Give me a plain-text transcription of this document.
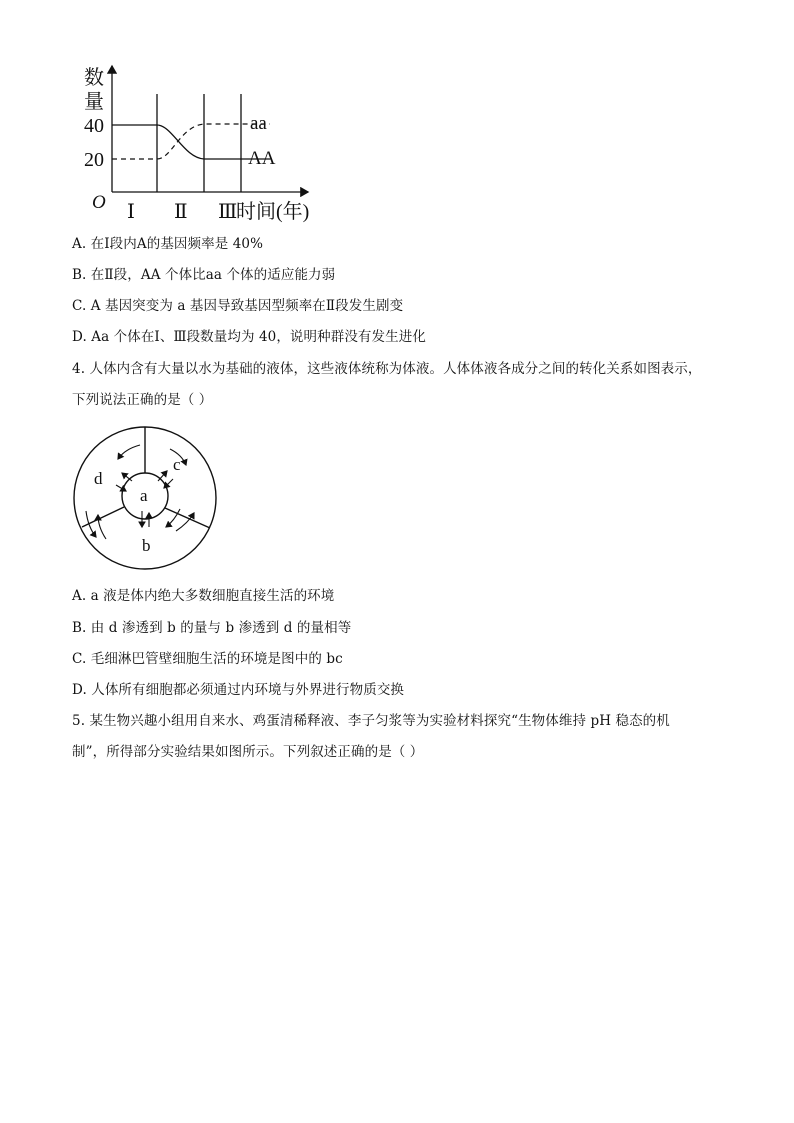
数
量
40
20
O
aa
AA
Ⅰ Ⅱ Ⅲ
时间(年)
A. 在Ⅰ段内A的基因频率是 40%
B. 在Ⅱ段，AA 个体比aa 个体的适应能力弱
C. A 基因突变为 a 基因导致基因型频率在Ⅱ段发生剧变
D. Aa 个体在Ⅰ、Ⅲ段数量均为 40，说明种群没有发生进化
4. 人体内含有大量以水为基础的液体，这些液体统称为体液。人体体液各成分之间的转化关系如图表示，
下列说法正确的是（ ）
a
b
c
d
A. a 液是体内绝大多数细胞直接生活的环境
B. 由 d 渗透到 b 的量与 b 渗透到 d 的量相等
C. 毛细淋巴管壁细胞生活的环境是图中的 bc
D. 人体所有细胞都必须通过内环境与外界进行物质交换
5. 某生物兴趣小组用自来水、鸡蛋清稀释液、李子匀浆等为实验材料探究“生物体维持 pH 稳态的机
制”，所得部分实验结果如图所示。下列叙述正确的是（ ）
